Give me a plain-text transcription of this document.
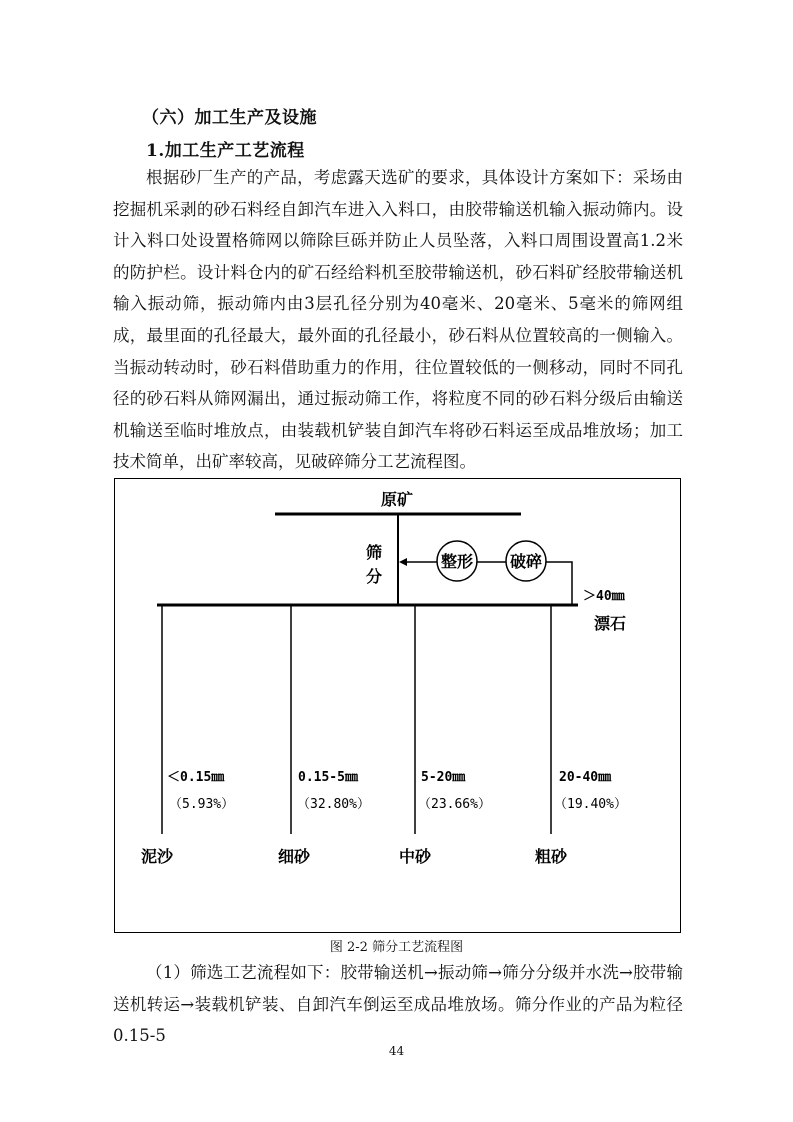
（六）加工生产及设施
1.加工生产工艺流程

根据砂厂生产的产品，考虑露天选矿的要求，具体设计方案如下：采场由挖掘机采剥的砂石料经自卸汽车进入入料口，由胶带输送机输入振动筛内。设计入料口处设置格筛网以筛除巨砾并防止人员坠落，入料口周围设置高1.2米的防护栏。设计料仓内的矿石经给料机至胶带输送机，砂石料矿经胶带输送机输入振动筛，振动筛内由3层孔径分别为40毫米、20毫米、5毫米的筛网组成，最里面的孔径最大，最外面的孔径最小，砂石料从位置较高的一侧输入。当振动转动时，砂石料借助重力的作用，往位置较低的一侧移动，同时不同孔径的砂石料从筛网漏出，通过振动筛工作，将粒度不同的砂石料分级后由输送机输送至临时堆放点，由装载机铲装自卸汽车将砂石料运至成品堆放场；加工技术简单，出矿率较高，见破碎筛分工艺流程图。

原矿
筛
分
整形 破碎
＞40㎜
漂石
＜0.15㎜
（5.93%）
泥沙
0.15-5㎜
（32.80%）
细砂
5-20㎜
（23.66%）
中砂
20-40㎜
（19.40%）
粗砂
图 2-2 筛分工艺流程图

（1）筛选工艺流程如下：胶带输送机→振动筛→筛分分级并水洗→胶带输送机转运→装载机铲装、自卸汽车倒运至成品堆放场。筛分作业的产品为粒径0.15-5

44
